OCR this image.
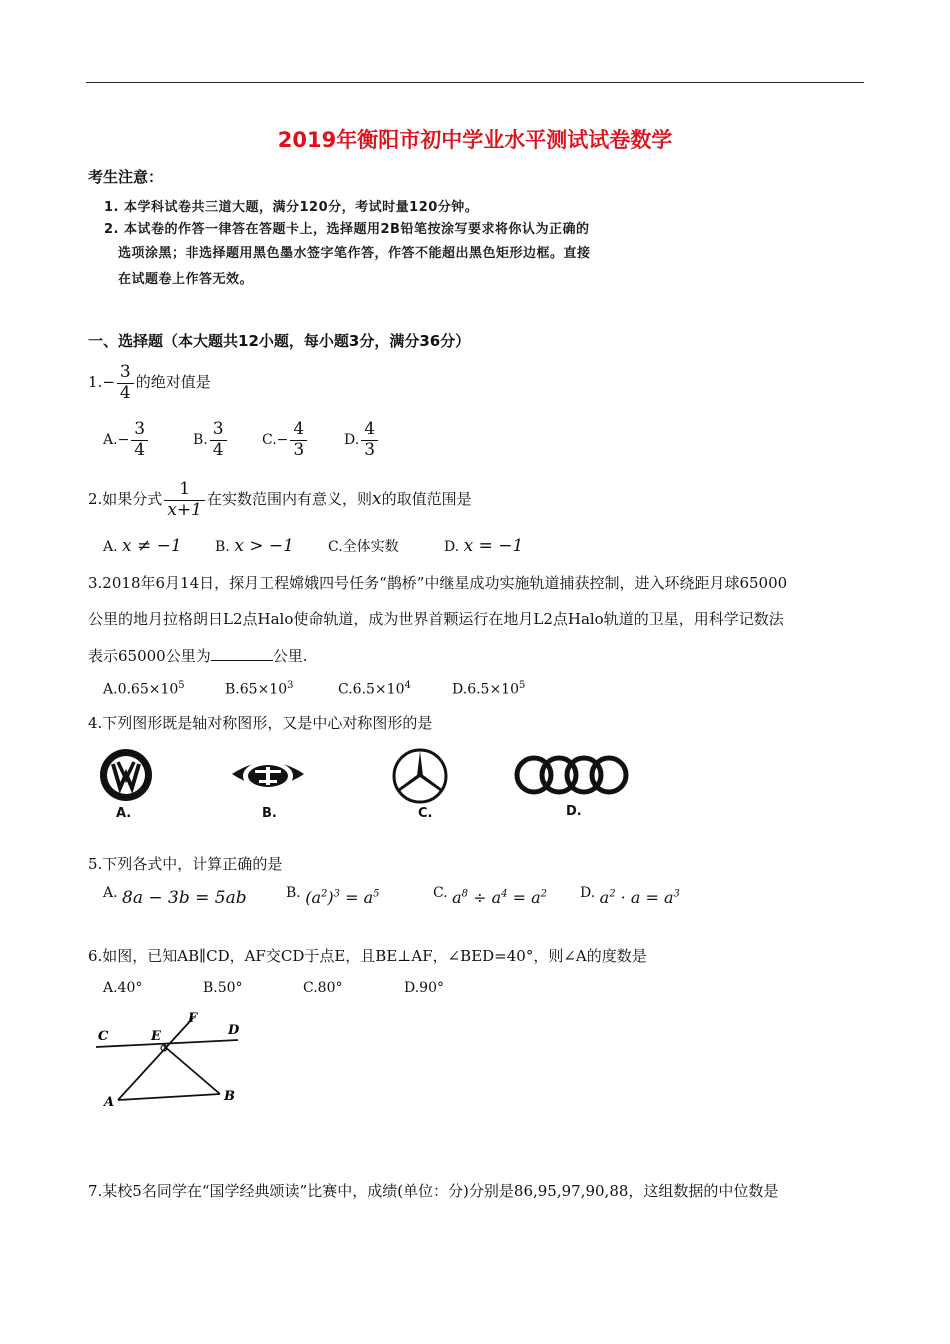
2019年衡阳市初中学业水平测试试卷数学
考生注意：
1. 本学科试卷共三道大题，满分120分，考试时量120分钟。
2. 本试卷的作答一律答在答题卡上，选择题用2B铅笔按涂写要求将你认为正确的
选项涂黑；非选择题用黑色墨水签字笔作答，作答不能超出黑色矩形边框。直接
在试题卷上作答无效。
一、选择题（本大题共12小题，每小题3分，满分36分）
$1.- \frac{3}{4}$ 的绝对值是
$A.- \frac{3}{4}$	B. $\frac{3}{4}$	$C.- \frac{4}{3}$	D. $\frac{4}{3}$
2.如果分式 $\frac{1}{x+1}$ 在实数范围内有意义，则x的取值范围是
A. x ≠ −1 B. x > −1 C.全体实数	D. x = −1
3.2018年6月14日，探月工程嫦娥四号任务“鹊桥”中继星成功实施轨道捕获控制，进入环绕距月球65000
公里的地月拉格朗日L2点Halo使命轨道，成为世界首颗运行在地月L2点Halo轨道的卫星，用科学记数法
表示65000公里为	公里.
$A.0.65\times 10^5$	$B.65\times 10^3$	$C.6.5\times 10^4$	$D.6.5\times 10^5$
4.下列图形既是轴对称图形，又是中心对称图形的是
A.	B.	C.	D.
5.下列各式中，计算正确的是
A. 8a − 3b = 5ab	B. $(a^2)^3 = a^5$	C. $a^8 \div a^4 = a^2$ D. $a^2 \cdot a = a^3$
6.如图，已知AB∥CD，AF交CD于点E，且BE⊥AF，∠BED=40°，则∠A的度数是
A.40°	B.50°	C.80°	D.90°
C	E
F
D
A	B
7.某校5名同学在“国学经典颂读”比赛中，成绩(单位：分)分别是86,95,97,90,88，这组数据的中位数是
